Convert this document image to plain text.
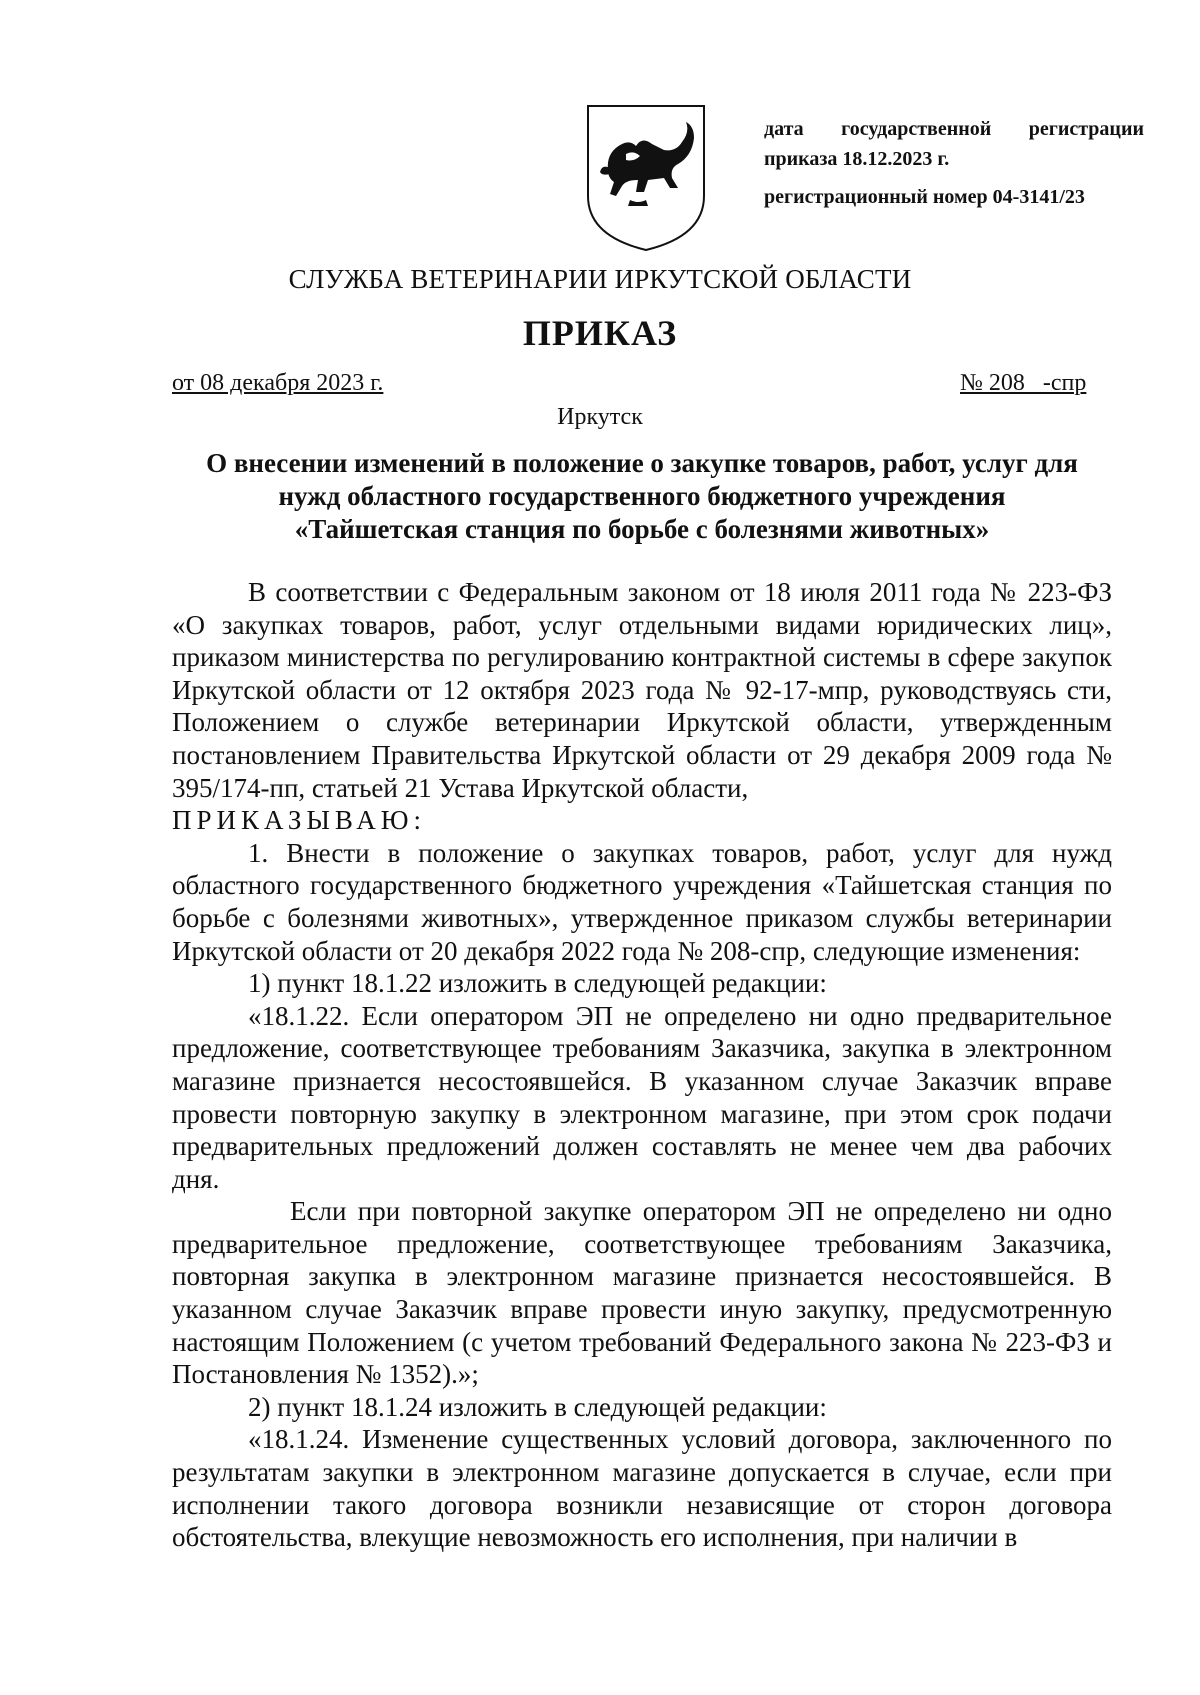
дата государственной регистрации
приказа 18.12.2023 г.
регистрационный номер 04-3141/23
СЛУЖБА ВЕТЕРИНАРИИ ИРКУТСКОЙ ОБЛАСТИ
ПРИКАЗ
от 08 декабря 2023 г.	№ 208   -спр
Иркутск
О внесении изменений в положение о закупке товаров, работ, услуг для
нужд областного государственного бюджетного учреждения
«Тайшетская станция по борьбе с болезнями животных»

В соответствии с Федеральным законом от 18 июля 2011 года № 223-ФЗ «О закупках товаров, работ, услуг отдельными видами юридических лиц», приказом министерства по регулированию контрактной системы в сфере закупок Иркутской области от 12 октября 2023 года № 92-17-мпр, руководствуясь сти, Положением о службе ветеринарии Иркутской области, утвержденным постановлением Правительства Иркутской области от 29 декабря 2009 года № 395/174-пп, статьей 21 Устава Иркутской области,

ПРИКАЗЫВАЮ:

1. Внести в положение о закупках товаров, работ, услуг для нужд областного государственного бюджетного учреждения «Тайшетская станция по борьбе с болезнями животных», утвержденное приказом службы ветеринарии Иркутской области от 20 декабря 2022 года № 208-спр, следующие изменения:

1) пункт 18.1.22 изложить в следующей редакции:

«18.1.22. Если оператором ЭП не определено ни одно предварительное предложение, соответствующее требованиям Заказчика, закупка в электронном магазине признается несостоявшейся. В указанном случае Заказчик вправе провести повторную закупку в электронном магазине, при этом срок подачи предварительных предложений должен составлять не менее чем два рабочих дня.

Если при повторной закупке оператором ЭП не определено ни одно предварительное предложение, соответствующее требованиям Заказчика, повторная закупка в электронном магазине признается несостоявшейся. В указанном случае Заказчик вправе провести иную закупку, предусмотренную настоящим Положением (с учетом требований Федерального закона № 223-ФЗ и Постановления № 1352).»;

2) пункт 18.1.24 изложить в следующей редакции:

«18.1.24. Изменение существенных условий договора, заключенного по результатам закупки в электронном магазине допускается в случае, если при исполнении такого договора возникли независящие от сторон договора обстоятельства, влекущие невозможность его исполнения, при наличии в
